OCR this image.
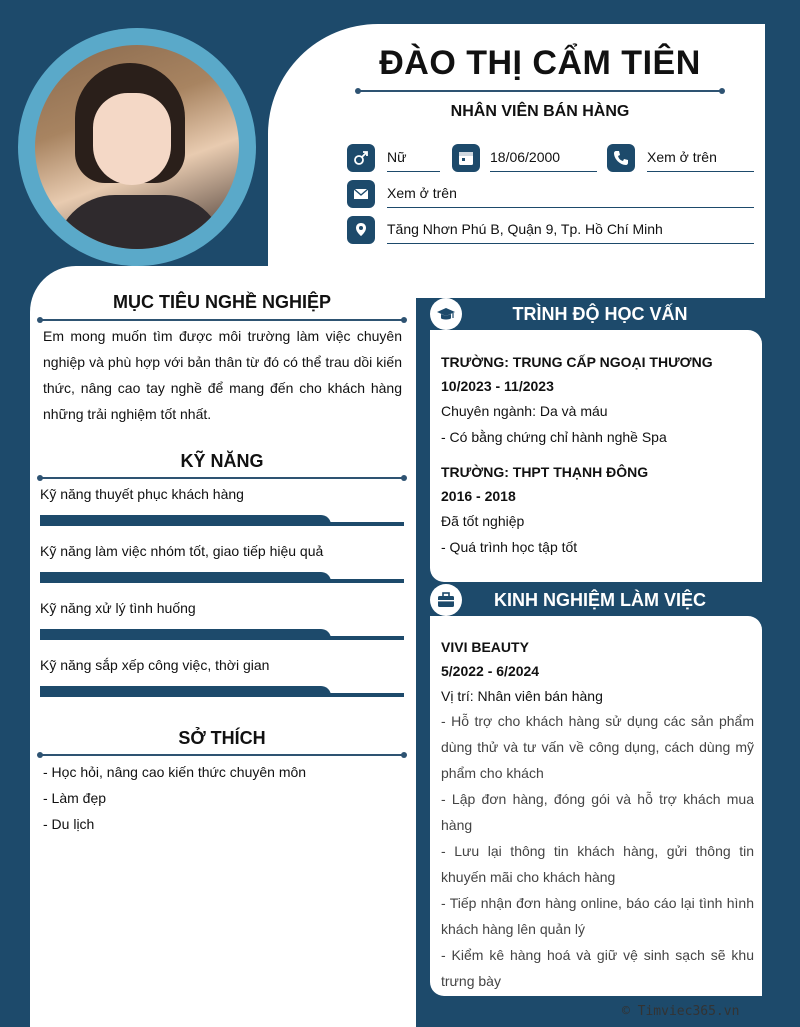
ĐÀO THỊ CẨM TIÊN
NHÂN VIÊN BÁN HÀNG
Nữ	18/06/2000	Xem ở trên
Xem ở trên
Tăng Nhơn Phú B, Quận 9, Tp. Hồ Chí Minh
MỤC TIÊU NGHỀ NGHIỆP
Em mong muốn tìm được môi trường làm việc chuyên nghiệp và phù hợp với bản thân từ đó có thể trau dồi kiến thức, nâng cao tay nghề để mang đến cho khách hàng những trải nghiệm tốt nhất.
KỸ NĂNG
Kỹ năng thuyết phục khách hàng
Kỹ năng làm việc nhóm tốt, giao tiếp hiệu quả
Kỹ năng xử lý tình huống
Kỹ năng sắp xếp công việc, thời gian
SỞ THÍCH
- Học hỏi, nâng cao kiến thức chuyên môn
- Làm đẹp
- Du lịch
TRÌNH ĐỘ HỌC VẤN
TRƯỜNG: TRUNG CẤP NGOẠI THƯƠNG
10/2023 - 11/2023
Chuyên ngành: Da và máu
- Có bằng chứng chỉ hành nghề Spa
TRƯỜNG: THPT THẠNH ĐÔNG
2016 - 2018
Đã tốt nghiệp
- Quá trình học tập tốt
KINH NGHIỆM LÀM VIỆC
VIVI BEAUTY
5/2022 - 6/2024
Vị trí: Nhân viên bán hàng
- Hỗ trợ cho khách hàng sử dụng các sản phẩm dùng thử và tư vấn về công dụng, cách dùng mỹ phẩm cho khách
- Lập đơn hàng, đóng gói và hỗ trợ khách mua hàng
- Lưu lại thông tin khách hàng, gửi thông tin khuyến mãi cho khách hàng
- Tiếp nhận đơn hàng online, báo cáo lại tình hình khách hàng lên quản lý
- Kiểm kê hàng hoá và giữ vệ sinh sạch sẽ khu trưng bày
© Timviec365.vn
